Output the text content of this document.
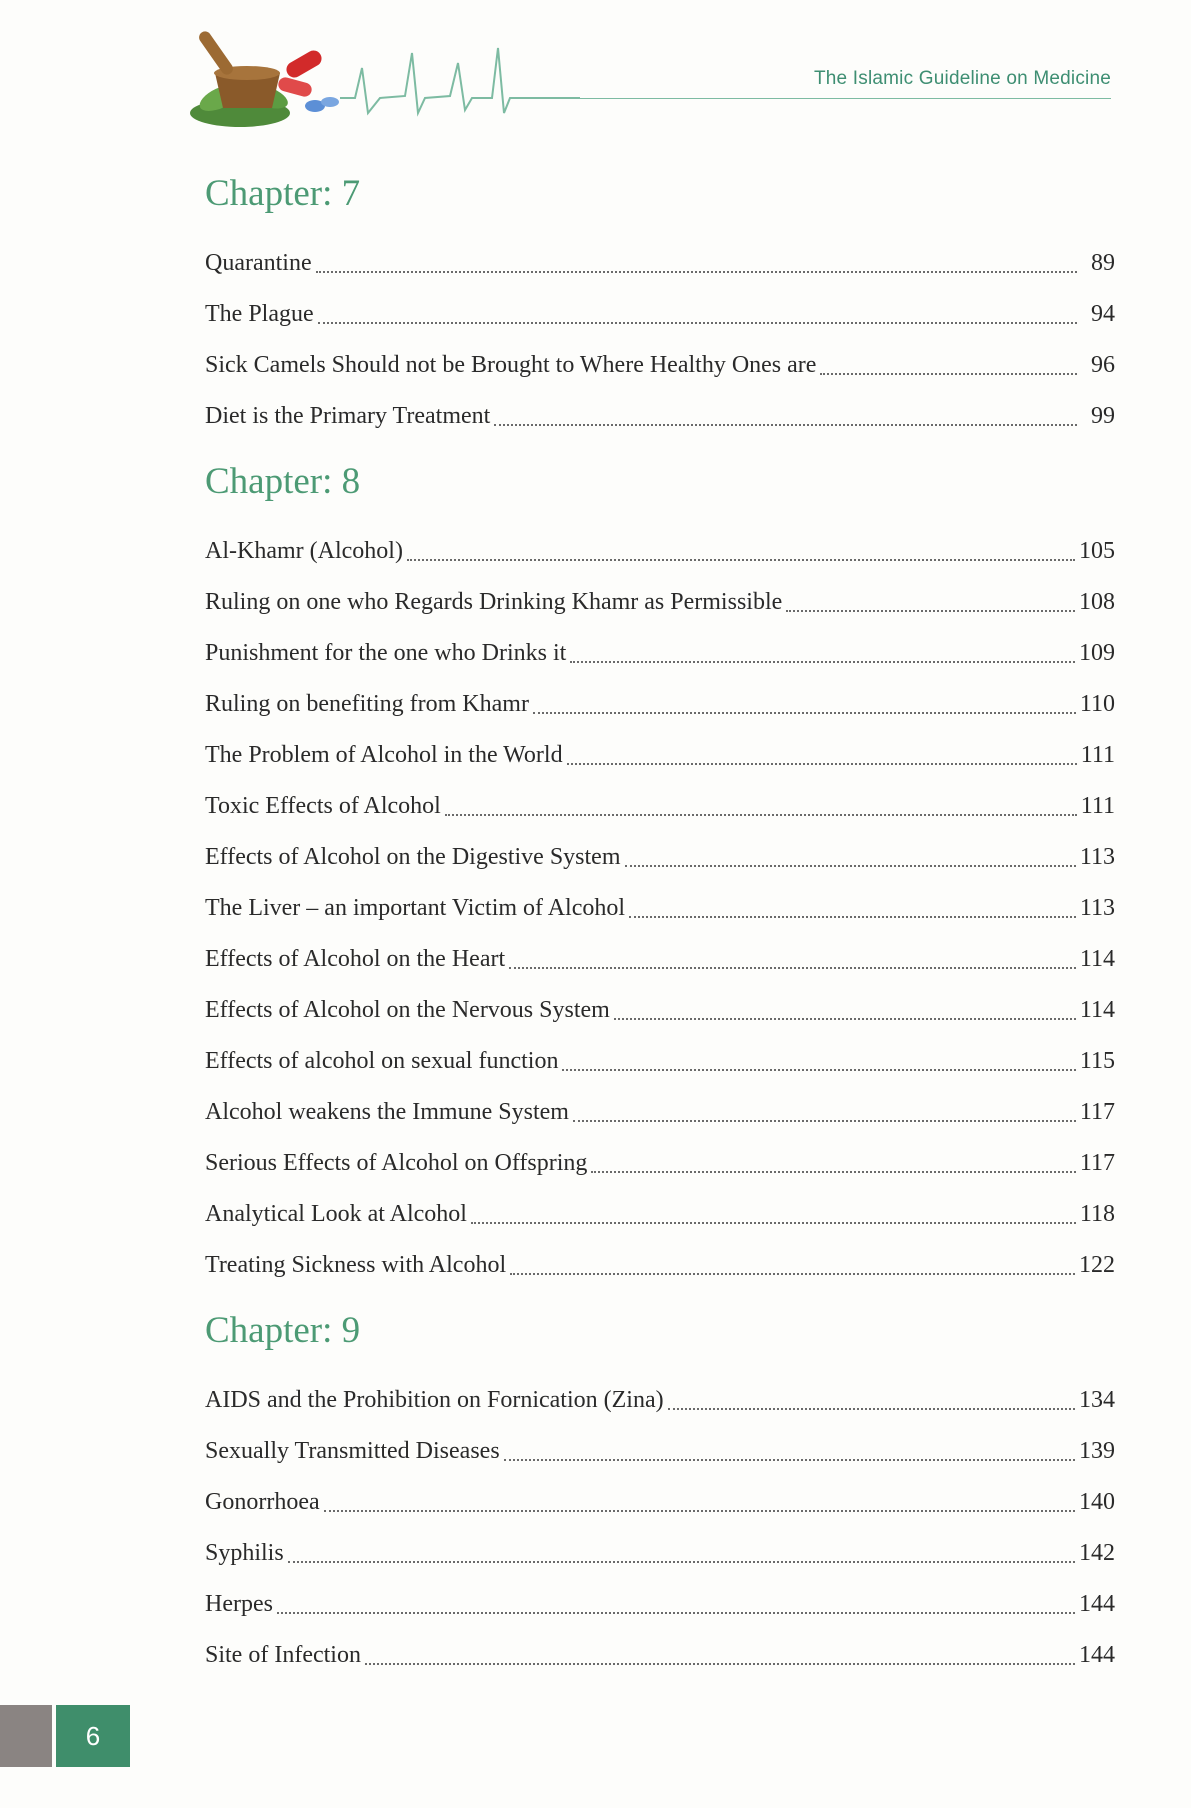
The Islamic Guideline on Medicine
Chapter: 7
Quarantine	89
The Plague	94
Sick Camels Should not be Brought to Where Healthy Ones are	96
Diet is the Primary Treatment	99
Chapter: 8
Al-Khamr (Alcohol)	105
Ruling on one who Regards Drinking Khamr as Permissible	108
Punishment for the one who Drinks it	109
Ruling on benefiting from Khamr	110
The Problem of Alcohol in the World	111
Toxic Effects of Alcohol	111
Effects of Alcohol on the Digestive System	113
The Liver – an important Victim of Alcohol	113
Effects of Alcohol on the Heart	114
Effects of Alcohol on the Nervous System	114
Effects of alcohol on sexual function	115
Alcohol weakens the Immune System	117
Serious Effects of Alcohol on Offspring	117
Analytical Look at Alcohol	118
Treating Sickness with Alcohol	122
Chapter: 9
AIDS and the Prohibition on Fornication (Zina)	134
Sexually Transmitted Diseases	139
Gonorrhoea	140
Syphilis	142
Herpes	144
Site of Infection	144
6
